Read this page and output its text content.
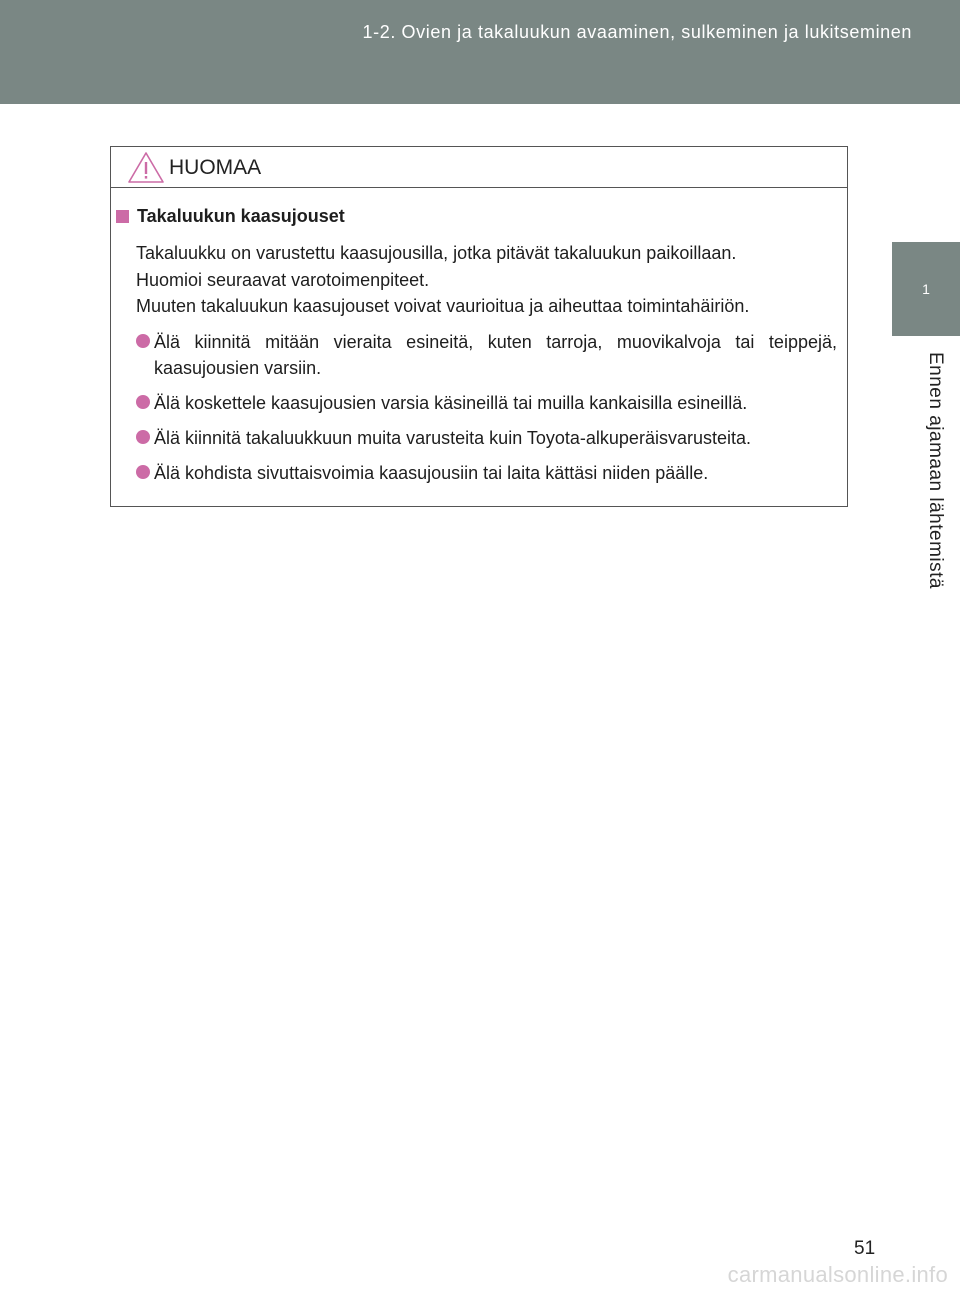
1-2. Ovien ja takaluukun avaaminen, sulkeminen ja lukitseminen
1
Ennen ajamaan lähtemistä
HUOMAA
Takaluukun kaasujouset

Takaluukku on varustettu kaasujousilla, jotka pitävät takaluukun paikoillaan.
Huomioi seuraavat varotoimenpiteet.
Muuten takaluukun kaasujouset voivat vaurioitua ja aiheuttaa toimintahäiriön.

Älä kiinnitä mitään vieraita esineitä, kuten tarroja, muovikalvoja tai teippejä, kaasujousien varsiin.
Älä koskettele kaasujousien varsia käsineillä tai muilla kankaisilla esineillä.
Älä kiinnitä takaluukkuun muita varusteita kuin Toyota-alkuperäisvarusteita.
Älä kohdista sivuttaisvoimia kaasujousiin tai laita kättäsi niiden päälle.
51
carmanualsonline.info
